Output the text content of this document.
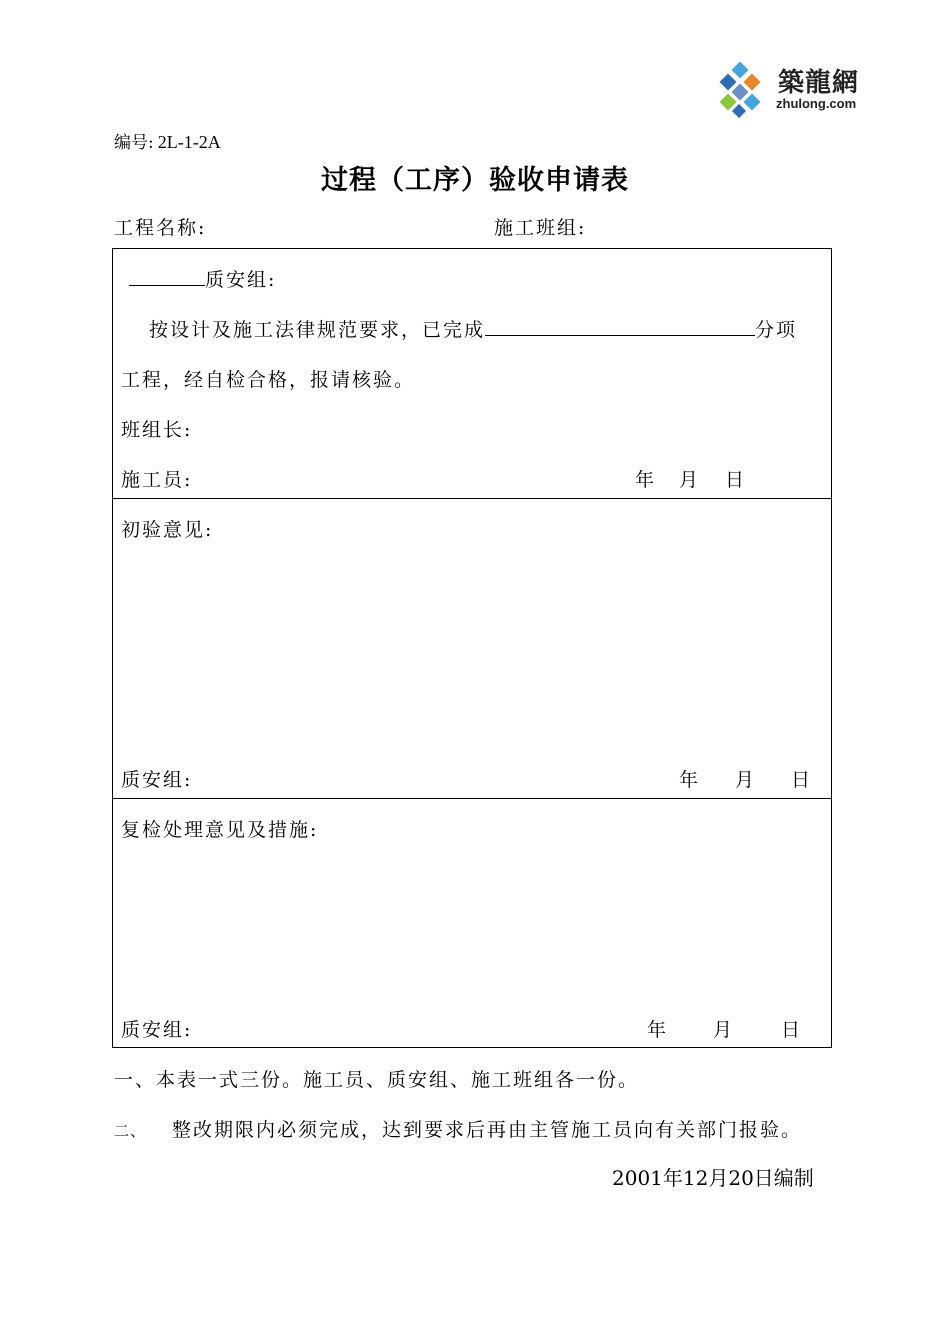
築龍網
zhulong.com
编号: 2L-1-2A
过程（工序）验收申请表
工程名称:	施工班组:
质安组:
按设计及施工法律规范要求，已完成	分项
工程，经自检合格，报请核验。
班组长:
施工员:	年 月 日
初验意见:
质安组:	年 月 日
复检处理意见及措施:
质安组:	年 月 日
一、本表一式三份。施工员、质安组、施工班组各一份。
二、 整改期限内必须完成，达到要求后再由主管施工员向有关部门报验。
2001年12月20日编制
